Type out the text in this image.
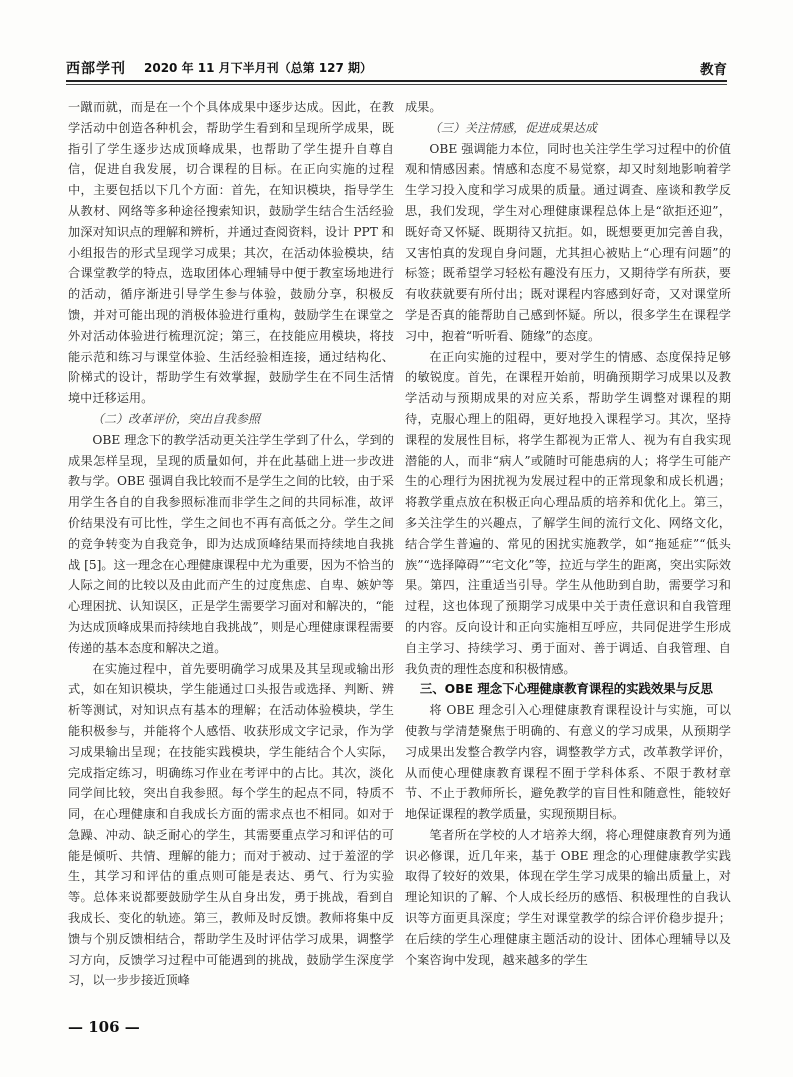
西部学刊 2020 年 11 月下半月刊（总第 127 期）	教育

一蹴而就，而是在一个个具体成果中逐步达成。因此，在教学活动中创造各种机会，帮助学生看到和呈现所学成果，既指引了学生逐步达成顶峰成果，也帮助了学生提升自尊自信，促进自我发展，切合课程的目标。在正向实施的过程中，主要包括以下几个方面：首先，在知识模块，指导学生从教材、网络等多种途径搜索知识，鼓励学生结合生活经验加深对知识点的理解和辨析，并通过查阅资料，设计 PPT 和小组报告的形式呈现学习成果；其次，在活动体验模块，结合课堂教学的特点，选取团体心理辅导中便于教室场地进行的活动，循序渐进引导学生参与体验，鼓励分享，积极反馈，并对可能出现的消极体验进行重构，鼓励学生在课堂之外对活动体验进行梳理沉淀；第三，在技能应用模块，将技能示范和练习与课堂体验、生活经验相连接，通过结构化、阶梯式的设计，帮助学生有效掌握，鼓励学生在不同生活情境中迁移运用。

（二）改革评价，突出自我参照

OBE 理念下的教学活动更关注学生学到了什么，学到的成果怎样呈现，呈现的质量如何，并在此基础上进一步改进教与学。OBE 强调自我比较而不是学生之间的比较，由于采用学生各自的自我参照标准而非学生之间的共同标准，故评价结果没有可比性，学生之间也不再有高低之分。学生之间的竞争转变为自我竞争，即为达成顶峰结果而持续地自我挑战 [5]。这一理念在心理健康课程中尤为重要，因为不恰当的人际之间的比较以及由此而产生的过度焦虑、自卑、嫉妒等心理困扰、认知误区，正是学生需要学习面对和解决的，“能为达成顶峰成果而持续地自我挑战”，则是心理健康课程需要传递的基本态度和解决之道。

在实施过程中，首先要明确学习成果及其呈现或输出形式，如在知识模块，学生能通过口头报告或选择、判断、辨析等测试，对知识点有基本的理解；在活动体验模块，学生能积极参与，并能将个人感悟、收获形成文字记录，作为学习成果输出呈现；在技能实践模块，学生能结合个人实际，完成指定练习，明确练习作业在考评中的占比。其次，淡化同学间比较，突出自我参照。每个学生的起点不同，特质不同，在心理健康和自我成长方面的需求点也不相同。如对于急躁、冲动、缺乏耐心的学生，其需要重点学习和评估的可能是倾听、共情、理解的能力；而对于被动、过于羞涩的学生，其学习和评估的重点则可能是表达、勇气、行为实验等。总体来说都要鼓励学生从自身出发，勇于挑战，看到自我成长、变化的轨迹。第三，教师及时反馈。教师将集中反馈与个别反馈相结合，帮助学生及时评估学习成果，调整学习方向，反馈学习过程中可能遇到的挑战，鼓励学生深度学习，以一步步接近顶峰

成果。

（三）关注情感，促进成果达成

OBE 强调能力本位，同时也关注学生学习过程中的价值观和情感因素。情感和态度不易觉察，却又时刻地影响着学生学习投入度和学习成果的质量。通过调查、座谈和教学反思，我们发现，学生对心理健康课程总体上是“欲拒还迎”，既好奇又怀疑、既期待又抗拒。如，既想要更加完善自我，又害怕真的发现自身问题，尤其担心被贴上“心理有问题”的标签；既希望学习轻松有趣没有压力，又期待学有所获，要有收获就要有所付出；既对课程内容感到好奇，又对课堂所学是否真的能帮助自己感到怀疑。所以，很多学生在课程学习中，抱着“听听看、随缘”的态度。

在正向实施的过程中，要对学生的情感、态度保持足够的敏锐度。首先，在课程开始前，明确预期学习成果以及教学活动与预期成果的对应关系，帮助学生调整对课程的期待，克服心理上的阻碍，更好地投入课程学习。其次，坚持课程的发展性目标，将学生都视为正常人、视为有自我实现潜能的人，而非“病人”或随时可能患病的人；将学生可能产生的心理行为困扰视为发展过程中的正常现象和成长机遇；将教学重点放在积极正向心理品质的培养和优化上。第三，多关注学生的兴趣点，了解学生间的流行文化、网络文化，结合学生普遍的、常见的困扰实施教学，如“拖延症”“低头族”“选择障碍”“宅文化”等，拉近与学生的距离，突出实际效果。第四，注重适当引导。学生从他助到自助，需要学习和过程，这也体现了预期学习成果中关于责任意识和自我管理的内容。反向设计和正向实施相互呼应，共同促进学生形成自主学习、持续学习、勇于面对、善于调适、自我管理、自我负责的理性态度和积极情感。

三、OBE 理念下心理健康教育课程的实践效果与反思

将 OBE 理念引入心理健康教育课程设计与实施，可以使教与学清楚聚焦于明确的、有意义的学习成果，从预期学习成果出发整合教学内容，调整教学方式，改革教学评价，从而使心理健康教育课程不囿于学科体系、不限于教材章节、不止于教师所长，避免教学的盲目性和随意性，能较好地保证课程的教学质量，实现预期目标。

笔者所在学校的人才培养大纲，将心理健康教育列为通识必修课，近几年来，基于 OBE 理念的心理健康教学实践取得了较好的效果，体现在学生学习成果的输出质量上，对理论知识的了解、个人成长经历的感悟、积极理性的自我认识等方面更具深度；学生对课堂教学的综合评价稳步提升；在后续的学生心理健康主题活动的设计、团体心理辅导以及个案咨询中发现，越来越多的学生

— 106 —
